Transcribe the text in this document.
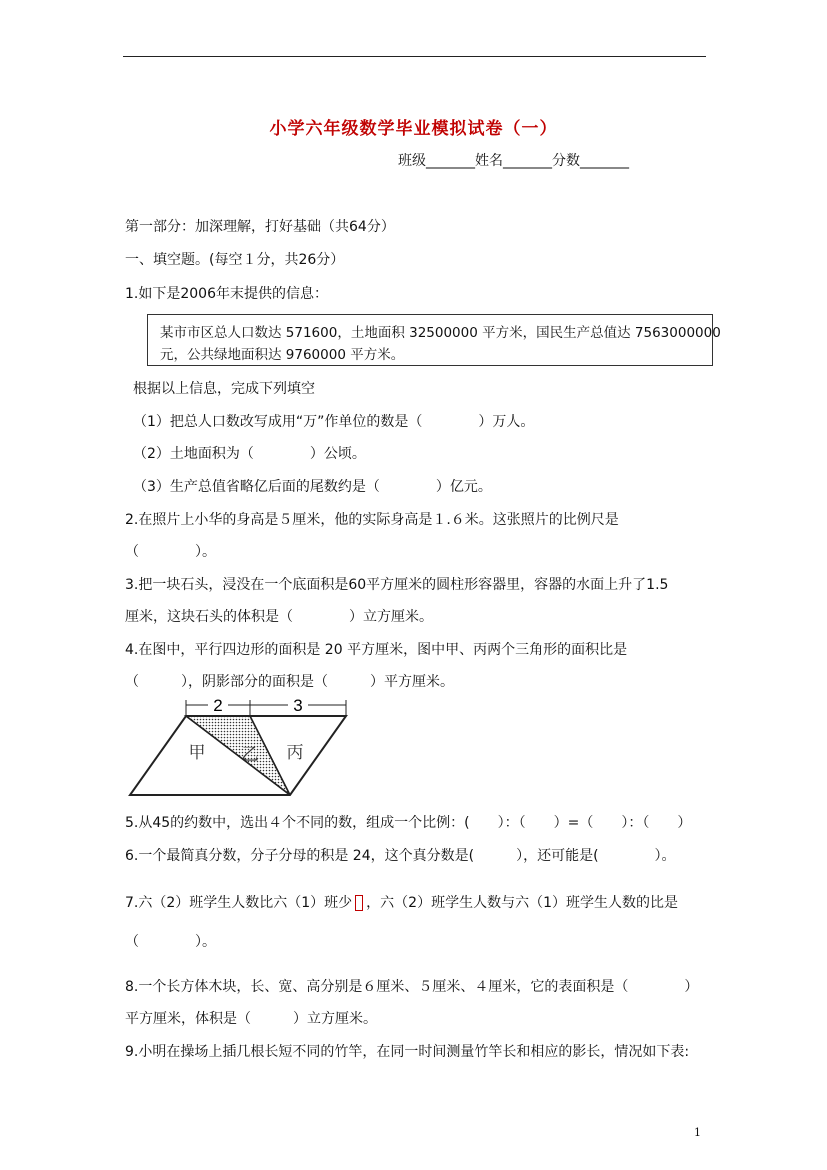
小学六年级数学毕业模拟试卷（一）
班级_______姓名_______分数_______
第一部分：加深理解，打好基础（共64分）
一、填空题。(每空１分，共26分）
1.如下是2006年末提供的信息：
某市市区总人口数达 571600，土地面积 32500000 平方米，国民生产总值达 7563000000
元，公共绿地面积达 9760000 平方米。
根据以上信息，完成下列填空
（1）把总人口数改写成用“万”作单位的数是（　　　　）万人。
（2）土地面积为（　　　　）公顷。
（3）生产总值省略亿后面的尾数约是（　　　　）亿元。
2.在照片上小华的身高是５厘米，他的实际身高是１.６米。这张照片的比例尺是
（　　　　）。
3.把一块石头，浸没在一个底面积是60平方厘米的圆柱形容器里，容器的水面上升了1.5
厘米，这块石头的体积是（　　　　）立方厘米。
4.在图中，平行四边形的面积是 20 平方厘米，图中甲、丙两个三角形的面积比是
（　　　），阴影部分的面积是（　　　）平方厘米。
2	3
甲 乙 丙
5.从45的约数中，选出４个不同的数，组成一个比例：(　　）：（　　）=（　　）：（　　）
6.一个最简真分数，分子分母的积是 24，这个真分数是(　　　），还可能是(　　　　）。
7.六（2）班学生人数比六（1）班少 ，六（2）班学生人数与六（1）班学生人数的比是
（　　　　）。
8.一个长方体木块，长、宽、高分别是６厘米、５厘米、４厘米，它的表面积是（　　　　）
平方厘米，体积是（　　　）立方厘米。
9.小明在操场上插几根长短不同的竹竿，在同一时间测量竹竿长和相应的影长，情况如下表:
1
